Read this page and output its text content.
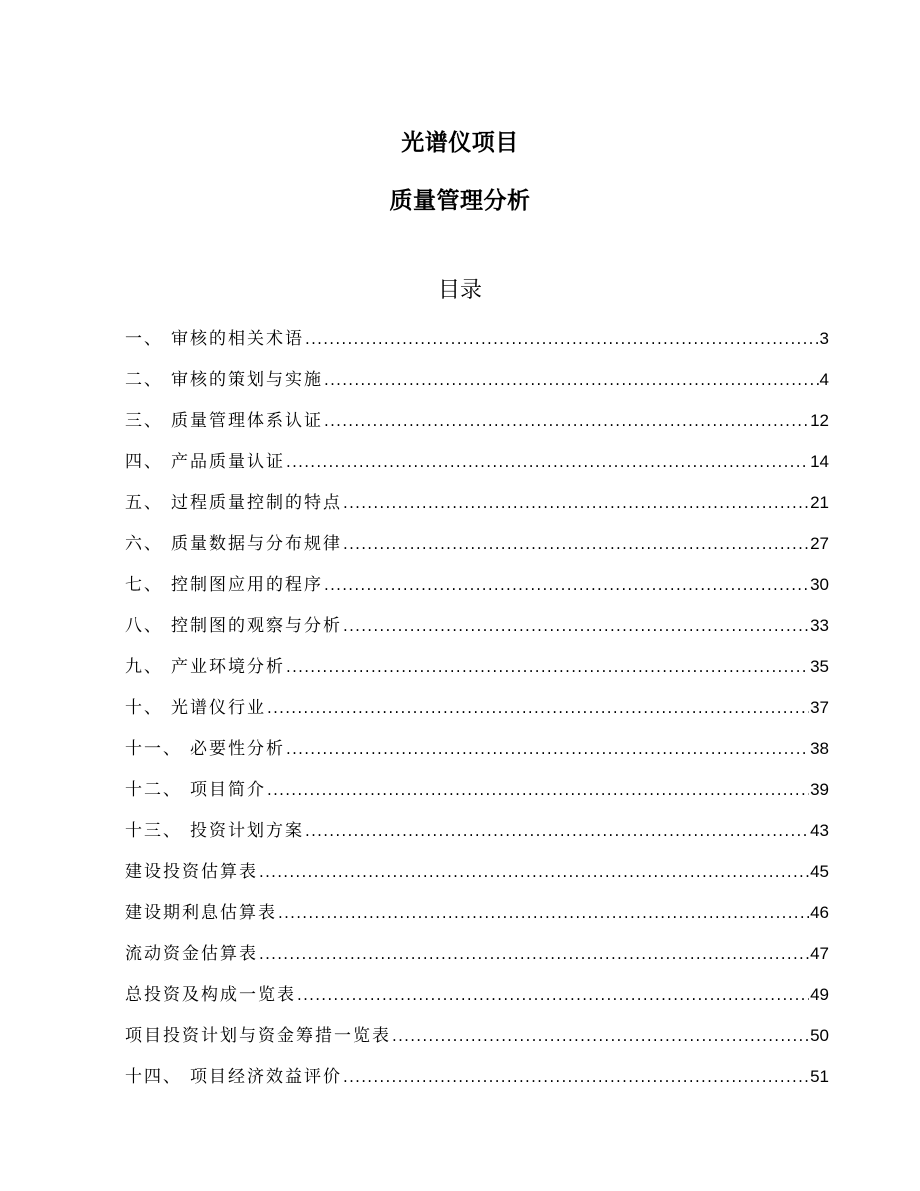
光谱仪项目
质量管理分析
目录
一、 审核的相关术语 .....	3
二、 审核的策划与实施 .....	4
三、 质量管理体系认证 .....	12
四、 产品质量认证 .....	14
五、 过程质量控制的特点 .....	21
六、 质量数据与分布规律 .....	27
七、 控制图应用的程序 .....	30
八、 控制图的观察与分析 .....	33
九、 产业环境分析 .....	35
十、 光谱仪行业 .....	37
十一、 必要性分析 .....	38
十二、 项目简介 .....	39
十三、 投资计划方案 .....	43
建设投资估算表 .....	45
建设期利息估算表 .....	46
流动资金估算表 .....	47
总投资及构成一览表 .....	49
项目投资计划与资金筹措一览表 .....	50
十四、 项目经济效益评价 .....	51
